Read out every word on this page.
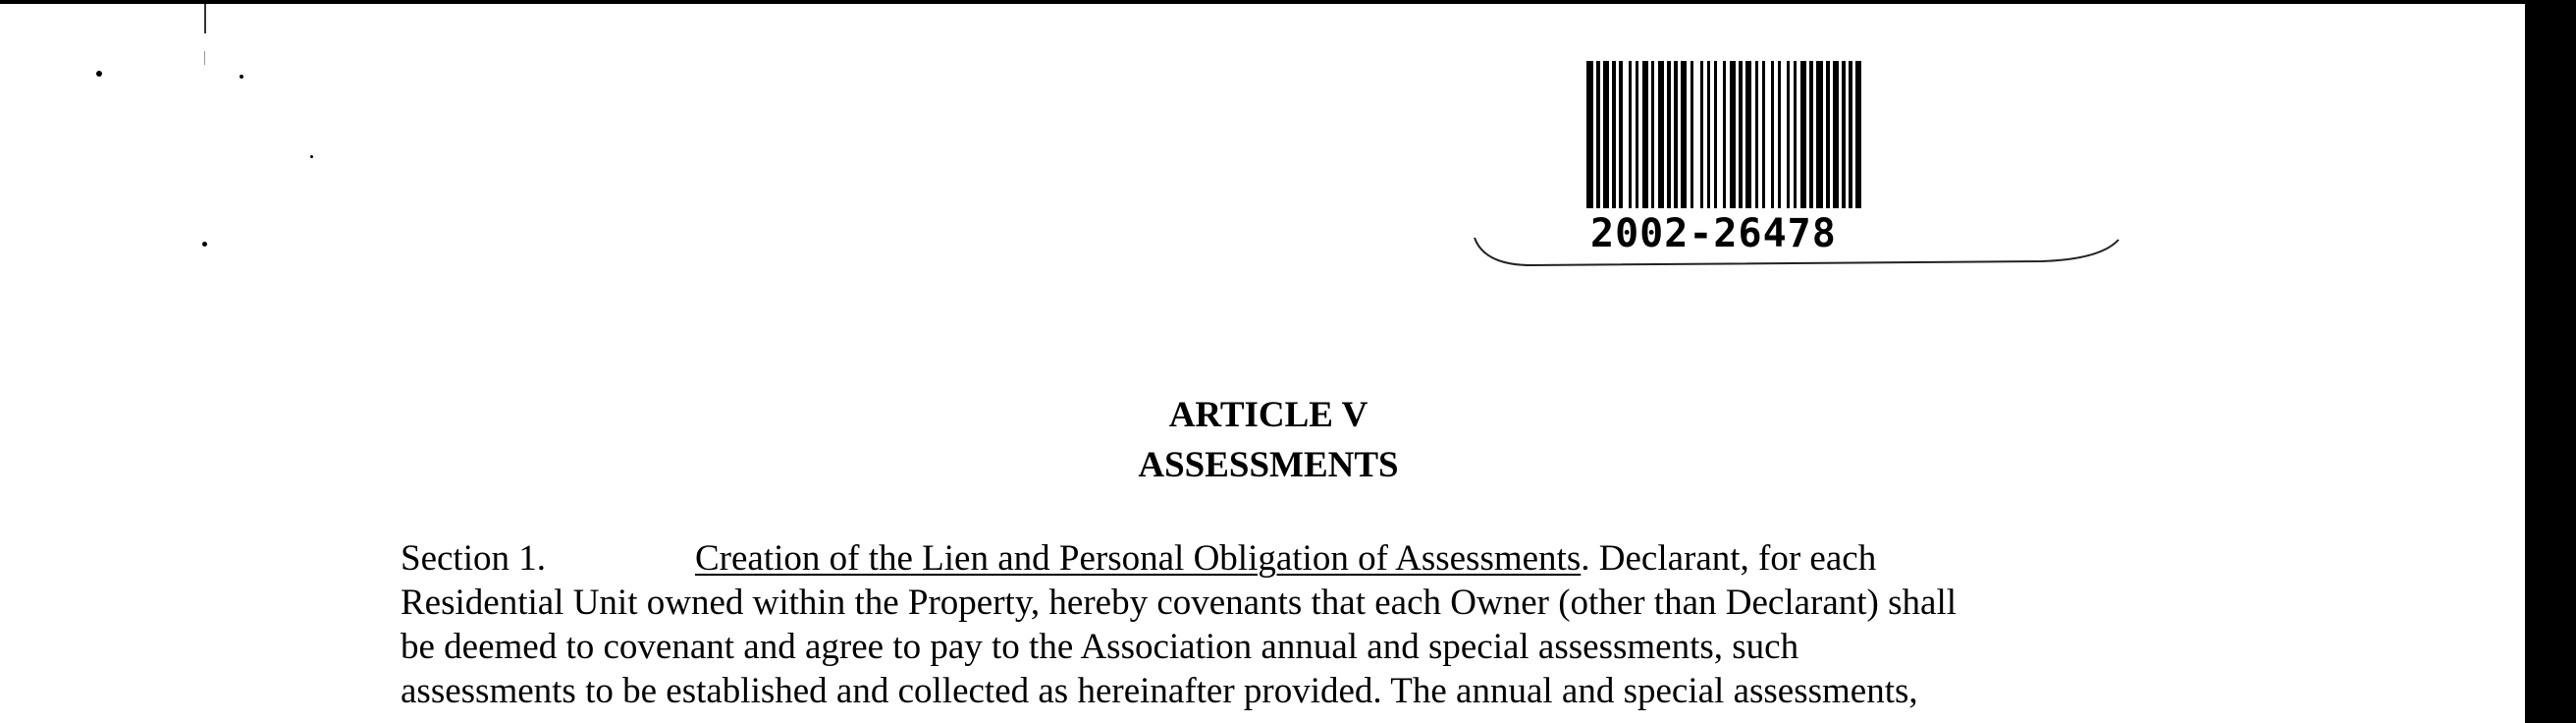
2002-26478
ARTICLE V
ASSESSMENTS
Section 1.	Creation of the Lien and Personal Obligation of Assessments. Declarant, for each
Residential Unit owned within the Property, hereby covenants that each Owner (other than Declarant) shall
be deemed to covenant and agree to pay to the Association annual and special assessments, such
assessments to be established and collected as hereinafter provided. The annual and special assessments,
